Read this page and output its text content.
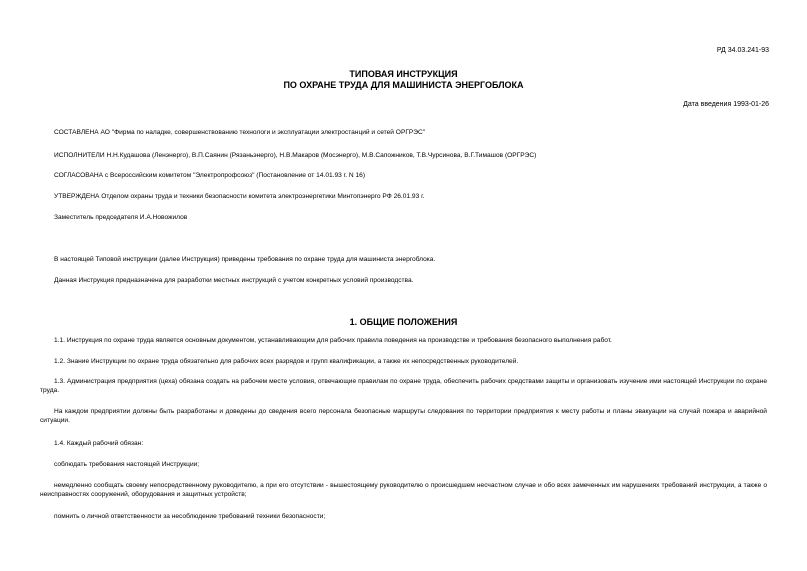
РД 34.03.241-93
ТИПОВАЯ ИНСТРУКЦИЯ
ПО ОХРАНЕ ТРУДА ДЛЯ МАШИНИСТА ЭНЕРГОБЛОКА
Дата введения 1993-01-26
СОСТАВЛЕНА АО "Фирма по наладке, совершенствованию технологи и эксплуатации электростанций и сетей ОРГРЭС"
ИСПОЛНИТЕЛИ Н.Н.Кудашова (Ленэнерго), В.П.Саянин (Рязаньэнерго), Н.В.Макаров (Мосэнерго), М.В.Сапожников, Т.В.Чурсинова, В.Г.Тимашов (ОРГРЭС)
СОГЛАСОВАНА с Всероссийским комитетом "Электропрофсоюз" (Постановление от 14.01.93 г. N 16)
УТВЕРЖДЕНА Отделом охраны труда и техники безопасности комитета электроэнергетики Минтопэнерго РФ 26.01.93 г.
Заместитель председателя И.А.Новожилов
В настоящей Типовой инструкции (далее Инструкция) приведены требования по охране труда для машиниста энергоблока.
Данная Инструкция предназначена для разработки местных инструкций с учетом конкретных условий производства.
1. ОБЩИЕ ПОЛОЖЕНИЯ
1.1. Инструкция по охране труда является основным документом, устанавливающим для рабочих правила поведения на производстве и требования безопасного выполнения работ.
1.2. Знание Инструкции по охране труда обязательно для рабочих всех разрядов и групп квалификации, а также их непосредственных руководителей.
1.3. Администрация предприятия (цеха) обязана создать на рабочем месте условия, отвечающие правилам по охране труда, обеспечить рабочих средствами защиты и организовать изучение ими настоящей Инструкции по охране труда.
На каждом предприятии должны быть разработаны и доведены до сведения всего персонала безопасные маршруты следования по территории предприятия к месту работы и планы эвакуации на случай пожара и аварийной ситуации.
1.4. Каждый рабочий обязан:
соблюдать требования настоящей Инструкции;
немедленно сообщать своему непосредственному руководителю, а при его отсутствии - вышестоящему руководителю о происшедшем несчастном случае и обо всех замеченных им нарушениях требований инструкции, а также о неисправностях сооружений, оборудования и защитных устройств;
помнить о личной ответственности за несоблюдение требований техники безопасности;
